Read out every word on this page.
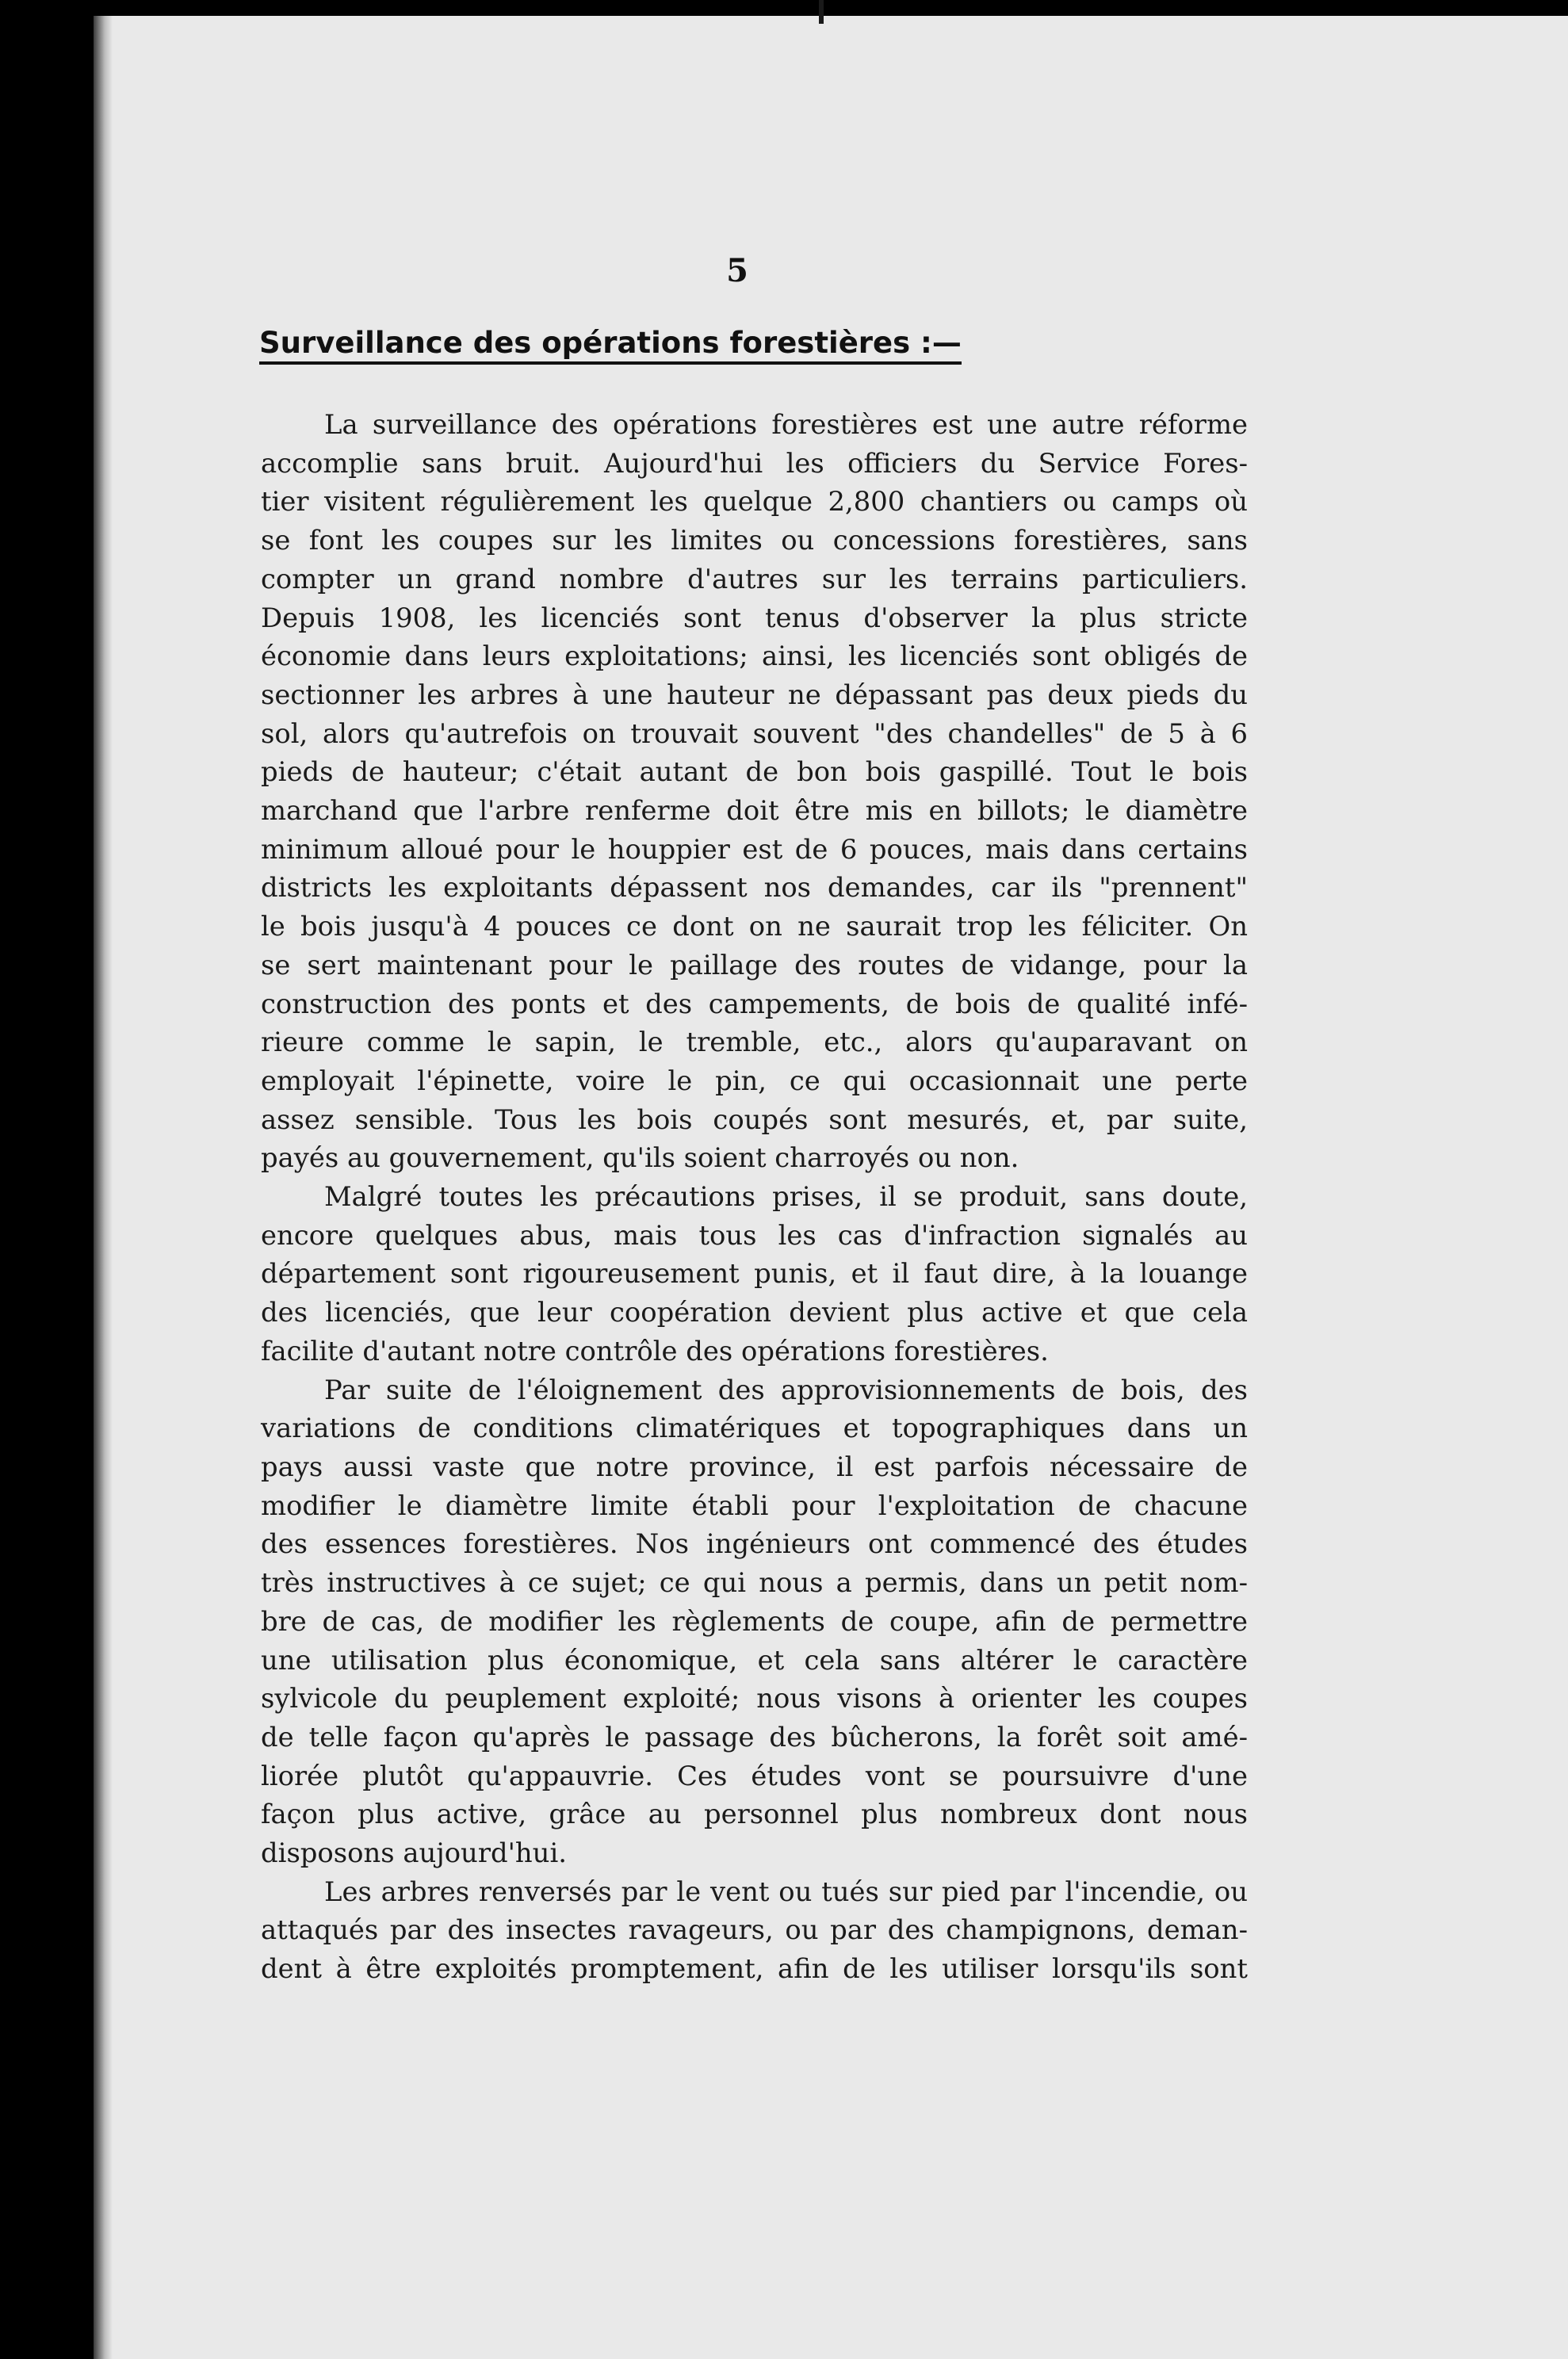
5
Surveillance des opérations forestières :—
La surveillance des opérations forestières est une autre réforme
accomplie sans bruit. Aujourd'hui les officiers du Service Fores-
tier visitent régulièrement les quelque 2,800 chantiers ou camps où
se font les coupes sur les limites ou concessions forestières, sans
compter un grand nombre d'autres sur les terrains particuliers.
Depuis 1908, les licenciés sont tenus d'observer la plus stricte
économie dans leurs exploitations; ainsi, les licenciés sont obligés de
sectionner les arbres à une hauteur ne dépassant pas deux pieds du
sol, alors qu'autrefois on trouvait souvent "des chandelles" de 5 à 6
pieds de hauteur; c'était autant de bon bois gaspillé. Tout le bois
marchand que l'arbre renferme doit être mis en billots; le diamètre
minimum alloué pour le houppier est de 6 pouces, mais dans certains
districts les exploitants dépassent nos demandes, car ils "prennent"
le bois jusqu'à 4 pouces ce dont on ne saurait trop les féliciter. On
se sert maintenant pour le paillage des routes de vidange, pour la
construction des ponts et des campements, de bois de qualité infé-
rieure comme le sapin, le tremble, etc., alors qu'auparavant on
employait l'épinette, voire le pin, ce qui occasionnait une perte
assez sensible. Tous les bois coupés sont mesurés, et, par suite,
payés au gouvernement, qu'ils soient charroyés ou non.
Malgré toutes les précautions prises, il se produit, sans doute,
encore quelques abus, mais tous les cas d'infraction signalés au
département sont rigoureusement punis, et il faut dire, à la louange
des licenciés, que leur coopération devient plus active et que cela
facilite d'autant notre contrôle des opérations forestières.
Par suite de l'éloignement des approvisionnements de bois, des
variations de conditions climatériques et topographiques dans un
pays aussi vaste que notre province, il est parfois nécessaire de
modifier le diamètre limite établi pour l'exploitation de chacune
des essences forestières. Nos ingénieurs ont commencé des études
très instructives à ce sujet; ce qui nous a permis, dans un petit nom-
bre de cas, de modifier les règlements de coupe, afin de permettre
une utilisation plus économique, et cela sans altérer le caractère
sylvicole du peuplement exploité; nous visons à orienter les coupes
de telle façon qu'après le passage des bûcherons, la forêt soit amé-
liorée plutôt qu'appauvrie. Ces études vont se poursuivre d'une
façon plus active, grâce au personnel plus nombreux dont nous
disposons aujourd'hui.
Les arbres renversés par le vent ou tués sur pied par l'incendie, ou
attaqués par des insectes ravageurs, ou par des champignons, deman-
dent à être exploités promptement, afin de les utiliser lorsqu'ils sont
